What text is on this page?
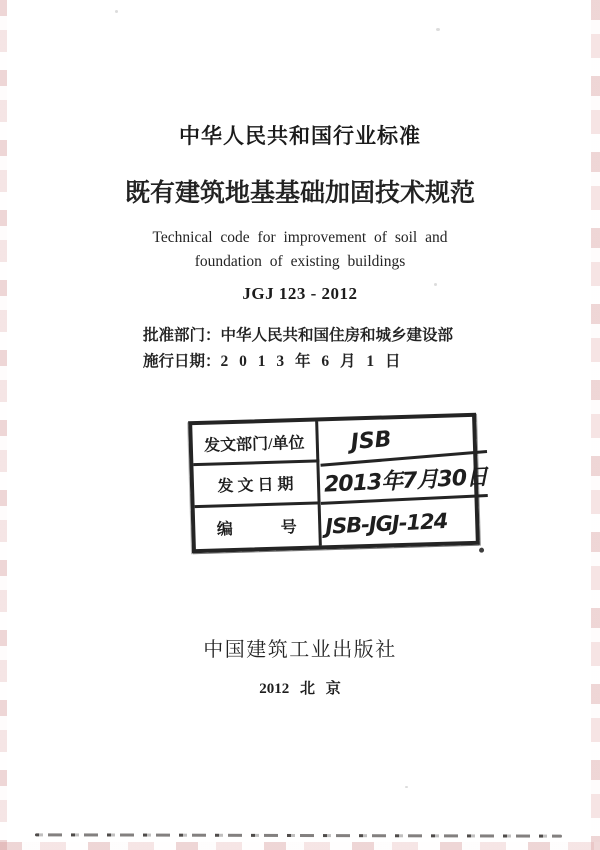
中华人民共和国行业标准
既有建筑地基基础加固技术规范
Technical code for improvement of soil and
foundation of existing buildings
JGJ 123 - 2012
批准部门：中华人民共和国住房和城乡建设部
施行日期：2 0 1 3 年 6 月 1 日
发文部门/单位	JSB
发 文 日 期	2013年7月30日
编　　　号	JSB-JGJ-124
中国建筑工业出版社
2012 北 京
